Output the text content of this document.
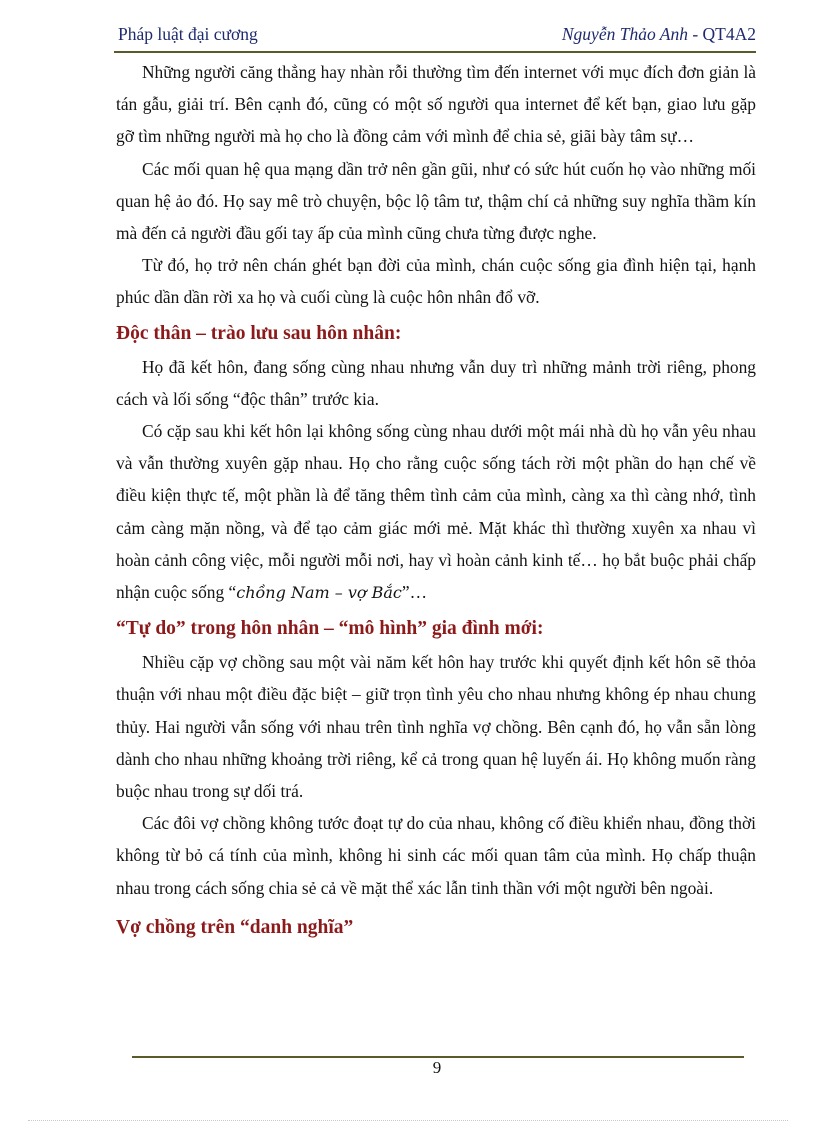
Pháp luật đại cương	Nguyễn Thảo Anh - QT4A2

Những người căng thẳng hay nhàn rỗi thường tìm đến internet với mục đích đơn giản là tán gẫu, giải trí. Bên cạnh đó, cũng có một số người qua internet để kết bạn, giao lưu gặp gỡ tìm những người mà họ cho là đồng cảm với mình để chia sẻ, giãi bày tâm sự…

Các mối quan hệ qua mạng dần trở nên gần gũi, như có sức hút cuốn họ vào những mối quan hệ ảo đó. Họ say mê trò chuyện, bộc lộ tâm tư, thậm chí cả những suy nghĩa thầm kín mà đến cả người đầu gối tay ấp của mình cũng chưa từng được nghe.

Từ đó, họ trở nên chán ghét bạn đời của mình, chán cuộc sống gia đình hiện tại, hạnh phúc dần dần rời xa họ và cuối cùng là cuộc hôn nhân đổ vỡ.

Độc thân – trào lưu sau hôn nhân:

Họ đã kết hôn, đang sống cùng nhau nhưng vẫn duy trì những mảnh trời riêng, phong cách và lối sống “độc thân” trước kia.

Có cặp sau khi kết hôn lại không sống cùng nhau dưới một mái nhà dù họ vẫn yêu nhau và vẫn thường xuyên gặp nhau. Họ cho rằng cuộc sống tách rời một phần do hạn chế về điều kiện thực tế, một phần là để tăng thêm tình cảm của mình, càng xa thì càng nhớ, tình cảm càng mặn nồng, và để tạo cảm giác mới mẻ. Mặt khác thì thường xuyên xa nhau vì hoàn cảnh công việc, mỗi người mỗi nơi, hay vì hoàn cảnh kinh tế… họ bắt buộc phải chấp nhận cuộc sống “chồng Nam – vợ Bắc”…

“Tự do” trong hôn nhân – “mô hình” gia đình mới:

Nhiều cặp vợ chồng sau một vài năm kết hôn hay trước khi quyết định kết hôn sẽ thỏa thuận với nhau một điều đặc biệt – giữ trọn tình yêu cho nhau nhưng không ép nhau chung thủy. Hai người vẫn sống với nhau trên tình nghĩa vợ chồng. Bên cạnh đó, họ vẫn sẵn lòng dành cho nhau những khoảng trời riêng, kể cả trong quan hệ luyến ái. Họ không muốn ràng buộc nhau trong sự dối trá.

Các đôi vợ chồng không tước đoạt tự do của nhau, không cố điều khiển nhau, đồng thời không từ bỏ cá tính của mình, không hi sinh các mối quan tâm của mình. Họ chấp thuận nhau trong cách sống chia sẻ cả về mặt thể xác lẫn tinh thần với một người bên ngoài.

Vợ chồng trên “danh nghĩa”
9
